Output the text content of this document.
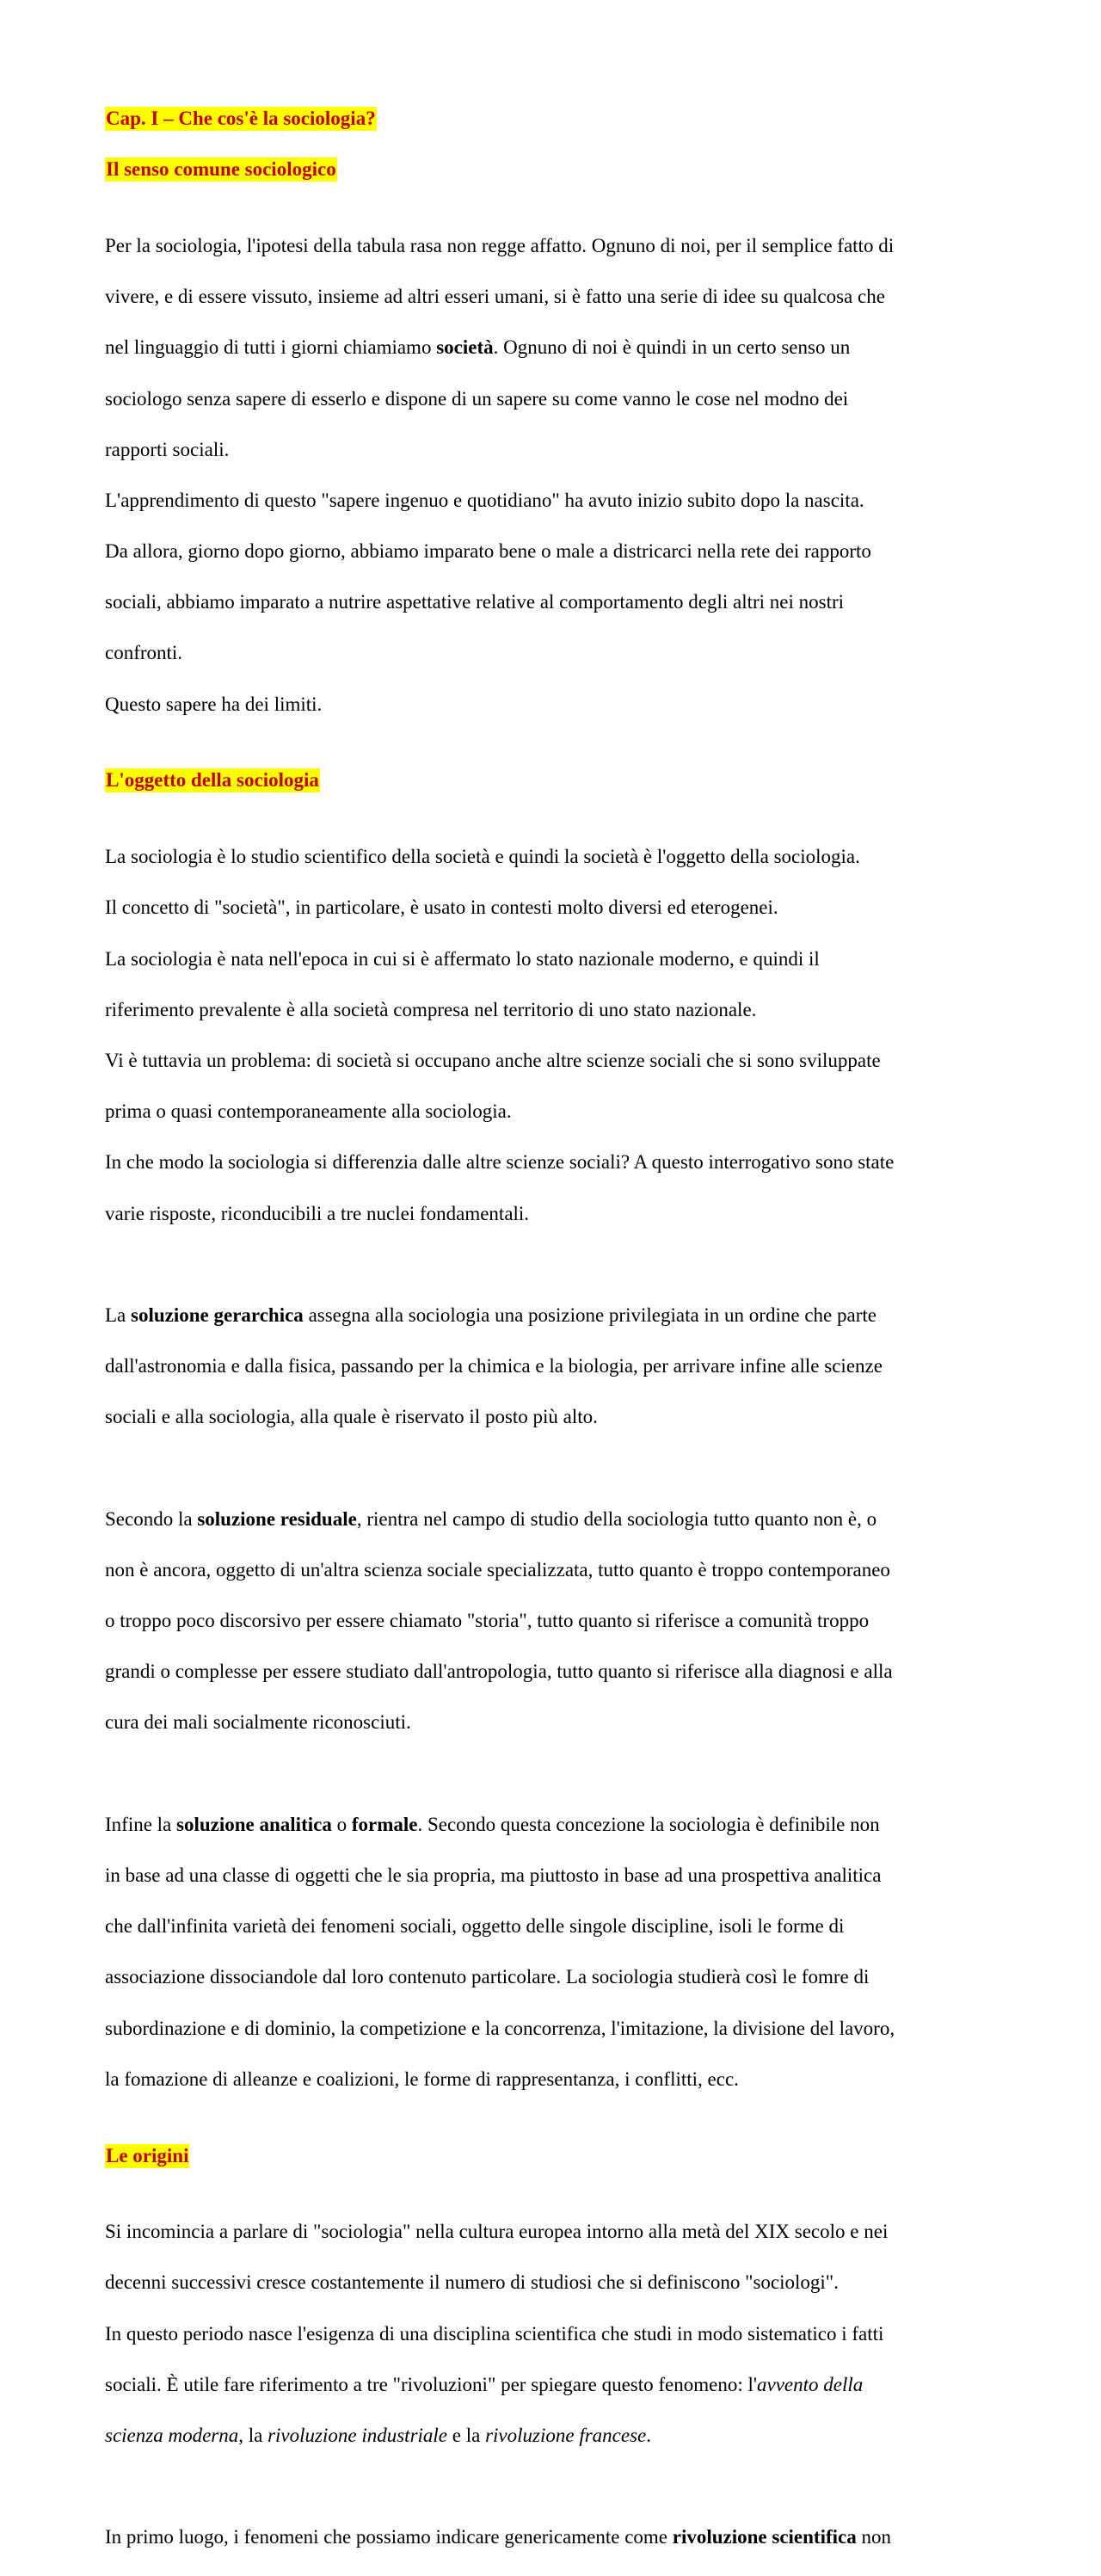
Cap. I – Che cos'è la sociologia?

Il senso comune sociologico

Per la sociologia, l'ipotesi della tabula rasa non regge affatto. Ognuno di noi, per il semplice fatto di

vivere, e di essere vissuto, insieme ad altri esseri umani, si è fatto una serie di idee su qualcosa che

nel linguaggio di tutti i giorni chiamiamo società. Ognuno di noi è quindi in un certo senso un

sociologo senza sapere di esserlo e dispone di un sapere su come vanno le cose nel modno dei

rapporti sociali.

L'apprendimento di questo "sapere ingenuo e quotidiano" ha avuto inizio subito dopo la nascita.

Da allora, giorno dopo giorno, abbiamo imparato bene o male a districarci nella rete dei rapporto

sociali, abbiamo imparato a nutrire aspettative relative al comportamento degli altri nei nostri

confronti.

Questo sapere ha dei limiti.

L'oggetto della sociologia

La sociologia è lo studio scientifico della società e quindi la società è l'oggetto della sociologia.

Il concetto di "società", in particolare, è usato in contesti molto diversi ed eterogenei.

La sociologia è nata nell'epoca in cui si è affermato lo stato nazionale moderno, e quindi il

riferimento prevalente è alla società compresa nel territorio di uno stato nazionale.

Vi è tuttavia un problema: di società si occupano anche altre scienze sociali che si sono sviluppate

prima o quasi contemporaneamente alla sociologia.

In che modo la sociologia si differenzia dalle altre scienze sociali? A questo interrogativo sono state

varie risposte, riconducibili a tre nuclei fondamentali.

La soluzione gerarchica assegna alla sociologia una posizione privilegiata in un ordine che parte

dall'astronomia e dalla fisica, passando per la chimica e la biologia, per arrivare infine alle scienze

sociali e alla sociologia, alla quale è riservato il posto più alto.

Secondo la soluzione residuale, rientra nel campo di studio della sociologia tutto quanto non è, o

non è ancora, oggetto di un'altra scienza sociale specializzata, tutto quanto è troppo contemporaneo

o troppo poco discorsivo per essere chiamato "storia", tutto quanto si riferisce a comunità troppo

grandi o complesse per essere studiato dall'antropologia, tutto quanto si riferisce alla diagnosi e alla

cura dei mali socialmente riconosciuti.

Infine la soluzione analitica o formale. Secondo questa concezione la sociologia è definibile non

in base ad una classe di oggetti che le sia propria, ma piuttosto in base ad una prospettiva analitica

che dall'infinita varietà dei fenomeni sociali, oggetto delle singole discipline, isoli le forme di

associazione dissociandole dal loro contenuto particolare. La sociologia studierà così le fomre di

subordinazione e di dominio, la competizione e la concorrenza, l'imitazione, la divisione del lavoro,

la fomazione di alleanze e coalizioni, le forme di rappresentanza, i conflitti, ecc.

Le origini

Si incomincia a parlare di "sociologia" nella cultura europea intorno alla metà del XIX secolo e nei

decenni successivi cresce costantemente il numero di studiosi che si definiscono "sociologi".

In questo periodo nasce l'esigenza di una disciplina scientifica che studi in modo sistematico i fatti

sociali. È utile fare riferimento a tre "rivoluzioni" per spiegare questo fenomeno: l'avvento della

scienza moderna, la rivoluzione industriale e la rivoluzione francese.

In primo luogo, i fenomeni che possiamo indicare genericamente come rivoluzione scientifica non
